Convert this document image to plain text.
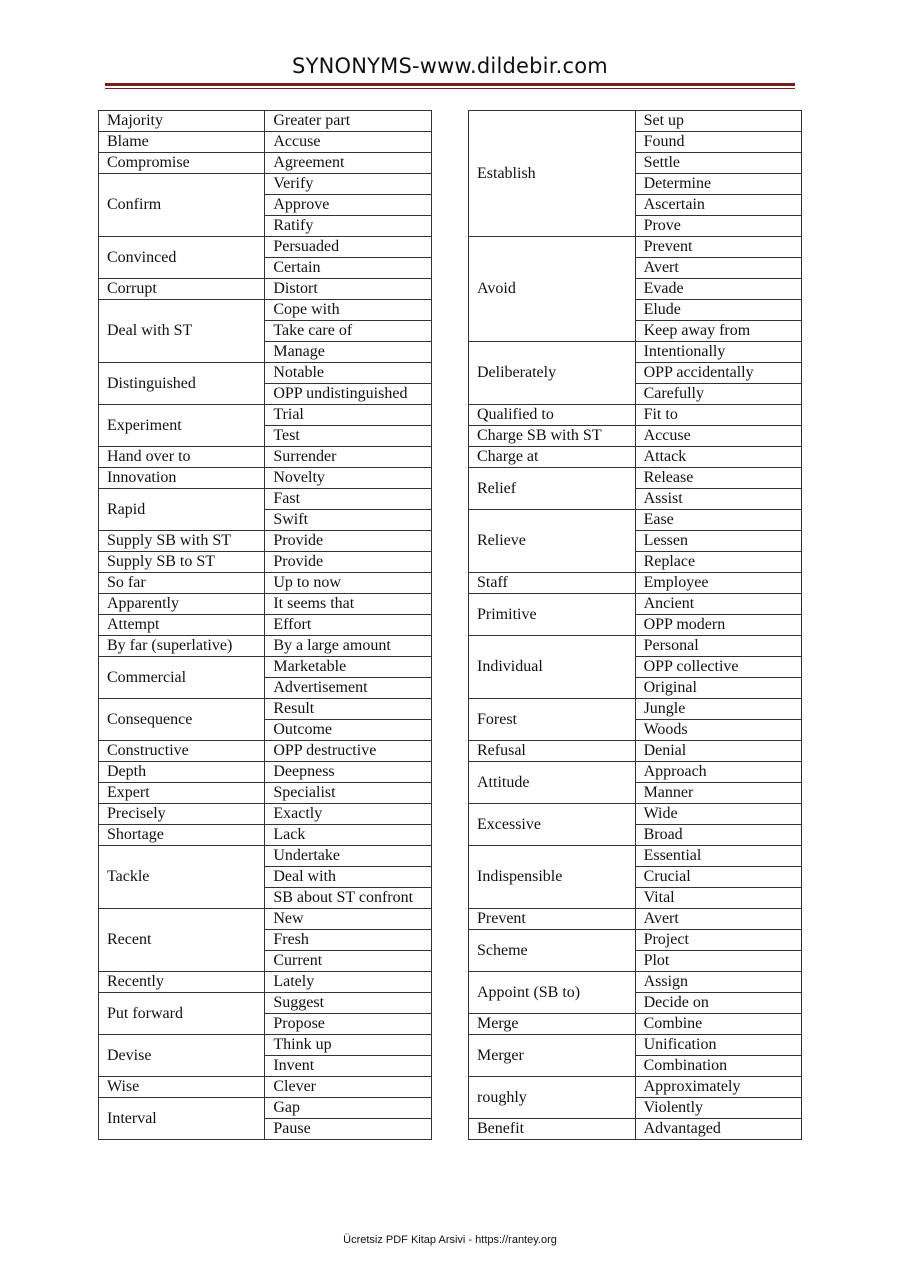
SYNONYMS-www.dildebir.com
Majority	Greater part
Blame	Accuse
Compromise	Agreement
Confirm	Verify
	Approve
	Ratify
Convinced	Persuaded
	Certain
Corrupt	Distort
Deal with ST	Cope with
	Take care of
	Manage
Distinguished	Notable
	OPP undistinguished
Experiment	Trial
	Test
Hand over to	Surrender
Innovation	Novelty
Rapid	Fast
	Swift
Supply SB with ST	Provide
Supply SB to ST	Provide
So far	Up to now
Apparently	It seems that
Attempt	Effort
By far (superlative)	By a large amount
Commercial	Marketable
	Advertisement
Consequence	Result
	Outcome
Constructive	OPP destructive
Depth	Deepness
Expert	Specialist
Precisely	Exactly
Shortage	Lack
Tackle	Undertake
	Deal with
	SB about ST confront
Recent	New
	Fresh
	Current
Recently	Lately
Put forward	Suggest
	Propose
Devise	Think up
	Invent
Wise	Clever
Interval	Gap
	Pause
Establish	Set up
	Found
	Settle
	Determine
	Ascertain
	Prove
Avoid	Prevent
	Avert
	Evade
	Elude
	Keep away from
Deliberately	Intentionally
	OPP accidentally
	Carefully
Qualified to	Fit to
Charge SB with ST	Accuse
Charge at	Attack
Relief	Release
	Assist
Relieve	Ease
	Lessen
	Replace
Staff	Employee
Primitive	Ancient
	OPP modern
Individual	Personal
	OPP collective
	Original
Forest	Jungle
	Woods
Refusal	Denial
Attitude	Approach
	Manner
Excessive	Wide
	Broad
Indispensible	Essential
	Crucial
	Vital
Prevent	Avert
Scheme	Project
	Plot
Appoint (SB to)	Assign
	Decide on
Merge	Combine
Merger	Unification
	Combination
roughly	Approximately
	Violently
Benefit	Advantaged
Ücretsiz PDF Kitap Arsivi - https://rantey.org
